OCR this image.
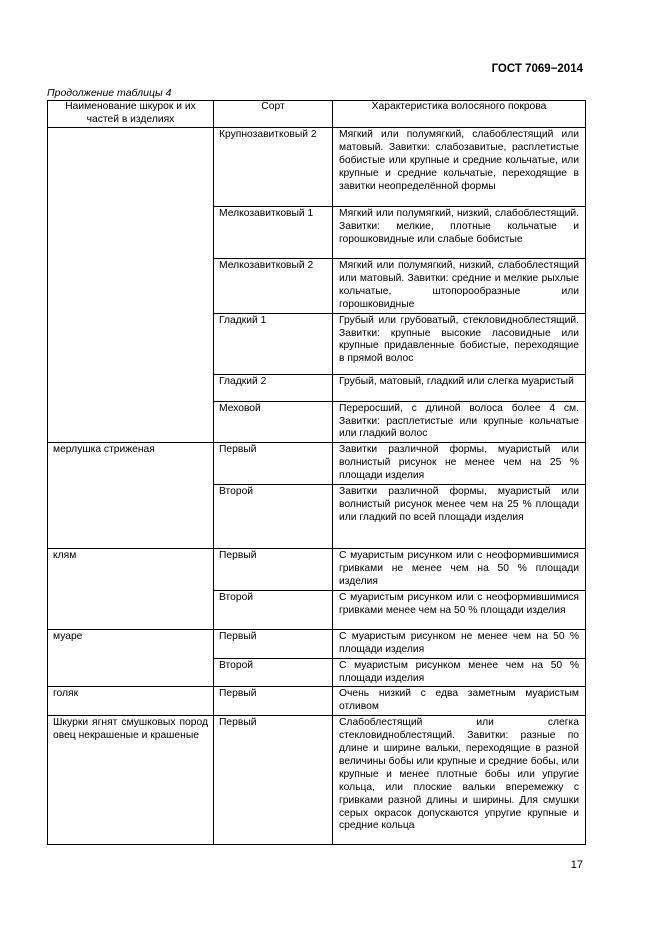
ГОСТ 7069−2014
Продолжение таблицы 4
Наименование шкурок и их частей в изделиях	Сорт	Характеристика волосяного покрова
	Крупнозавитковый 2	Мягкий или полумягкий, слабоблестящий или матовый. Завитки: слабозавитые, расплетистые бобистые или крупные и средние кольчатые, или крупные и средние кольчатые, переходящие в завитки неопределённой формы
	Мелкозавитковый 1	Мягкий или полумягкий, низкий, слабоблестящий. Завитки: мелкие, плотные кольчатые и горошковидные или слабые бобистые
	Мелкозавитковый 2	Мягкий или полумягкий, низкий, слабоблестящий или матовый. Завитки: средние и мелкие рыхлые кольчатые, штопорообразные или горошковидные
	Гладкий 1	Грубый или грубоватый, стекловиднoблестящий. Завитки: крупные высокие ласовидные или крупные придавленные бобистые, переходящие в прямой волос
	Гладкий 2	Грубый, матовый, гладкий или слегка муаристый
	Меховой	Переросший, с длиной волоса более 4 см. Завитки: расплетистые или крупные кольчатые или гладкий волос
мерлушка стриженая	Первый	Завитки различной формы, муаристый или волнистый рисунок не менее чем на 25 % площади изделия
	Второй	Завитки различной формы, муаристый или волнистый рисунок менее чем на 25 % площади или гладкий по всей площади изделия
клям	Первый	С муаристым рисунком или с неоформившимися гривками не менее чем на 50 % площади изделия
	Второй	С муаристым рисунком или с неоформившимися гривками менее чем на 50 % площади изделия
муаре	Первый	С муаристым рисунком не менее чем на 50 % площади изделия
	Второй	С муаристым рисунком менее чем на 50 % площади изделия
голяк	Первый	Очень низкий с едва заметным муаристым отливом
Шкурки ягнят смушковых пород овец некрашеные и крашеные	Первый	Слабоблестящий или слегка стекловиднoблестящий. Завитки: разные по длине и ширине вальки, переходящие в разной величины бобы или крупные и средние бобы, или крупные и менее плотные бобы или упругие кольца, или плоские вальки вперемежку с гривками разной длины и ширины. Для смушки серых окрасок допускаются упругие крупные и средние кольца
17
